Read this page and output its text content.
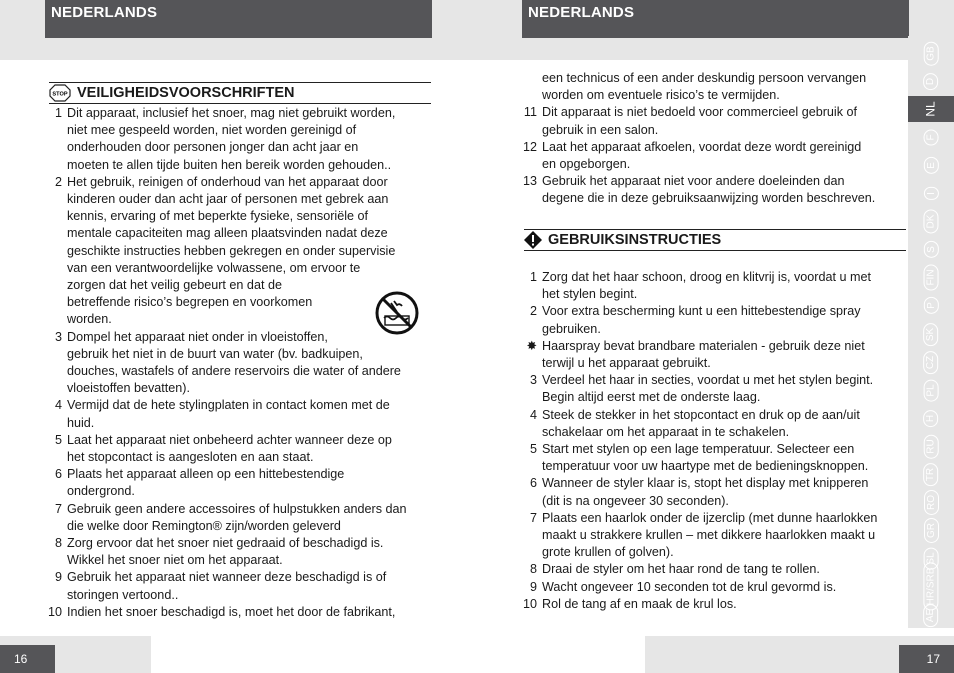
NEDERLANDS	NEDERLANDS
STOP VEILIGHEIDSVOORSCHRIFTEN
1 Dit apparaat, inclusief het snoer, mag niet gebruikt worden,
niet mee gespeeld worden, niet worden gereinigd of
onderhouden door personen jonger dan acht jaar en
moeten te allen tijde buiten hen bereik worden gehouden..
2 Het gebruik, reinigen of onderhoud van het apparaat door
kinderen ouder dan acht jaar of personen met gebrek aan
kennis, ervaring of met beperkte fysieke, sensoriële of
mentale capaciteiten mag alleen plaatsvinden nadat deze
geschikte instructies hebben gekregen en onder supervisie
van een verantwoordelijke volwassene, om ervoor te
zorgen dat het veilig gebeurt en dat de
betreffende risico’s begrepen en voorkomen
worden.
3 Dompel het apparaat niet onder in vloeistoffen,
gebruik het niet in de buurt van water (bv. badkuipen,
douches, wastafels of andere reservoirs die water of andere
vloeistoffen bevatten).
4 Vermijd dat de hete stylingplaten in contact komen met de
huid.
5 Laat het apparaat niet onbeheerd achter wanneer deze op
het stopcontact is aangesloten en aan staat.
6 Plaats het apparaat alleen op een hittebestendige
ondergrond.
7 Gebruik geen andere accessoires of hulpstukken anders dan
die welke door Remington® zijn/worden geleverd
8 Zorg ervoor dat het snoer niet gedraaid of beschadigd is.
Wikkel het snoer niet om het apparaat.
9 Gebruik het apparaat niet wanneer deze beschadigd is of
storingen vertoond..
10 Indien het snoer beschadigd is, moet het door de fabrikant,
een technicus of een ander deskundig persoon vervangen
worden om eventuele risico’s te vermijden.
11 Dit apparaat is niet bedoeld voor commercieel gebruik of
gebruik in een salon.
12 Laat het apparaat afkoelen, voordat deze wordt gereinigd
en opgeborgen.
13 Gebruik het apparaat niet voor andere doeleinden dan
degene die in deze gebruiksaanwijzing worden beschreven.
GEBRUIKSINSTRUCTIES
1 Zorg dat het haar schoon, droog en klitvrij is, voordat u met
het stylen begint.
2 Voor extra bescherming kunt u een hittebestendige spray
gebruiken.
✸ Haarspray bevat brandbare materialen - gebruik deze niet
terwijl u het apparaat gebruikt.
3 Verdeel het haar in secties, voordat u met het stylen begint.
Begin altijd eerst met de onderste laag.
4 Steek de stekker in het stopcontact en druk op de aan/uit
schakelaar om het apparaat in te schakelen.
5 Start met stylen op een lage temperatuur. Selecteer een
temperatuur voor uw haartype met de bedieningsknoppen.
6 Wanneer de styler klaar is, stopt het display met knipperen
(dit is na ongeveer 30 seconden).
7 Plaats een haarlok onder de ijzerclip (met dunne haarlokken
maakt u strakkere krullen – met dikkere haarlokken maakt u
grote krullen of golven).
8 Draai de styler om het haar rond de tang te rollen.
9 Wacht ongeveer 10 seconden tot de krul gevormd is.
10 Rol de tang af en maak de krul los.
16	17
GB
D
NL
F
E
I
DK
S
FIN
P
SK
CZ
PL
H
RU
TR
RO
GR
SL
HR/SRB
AE
